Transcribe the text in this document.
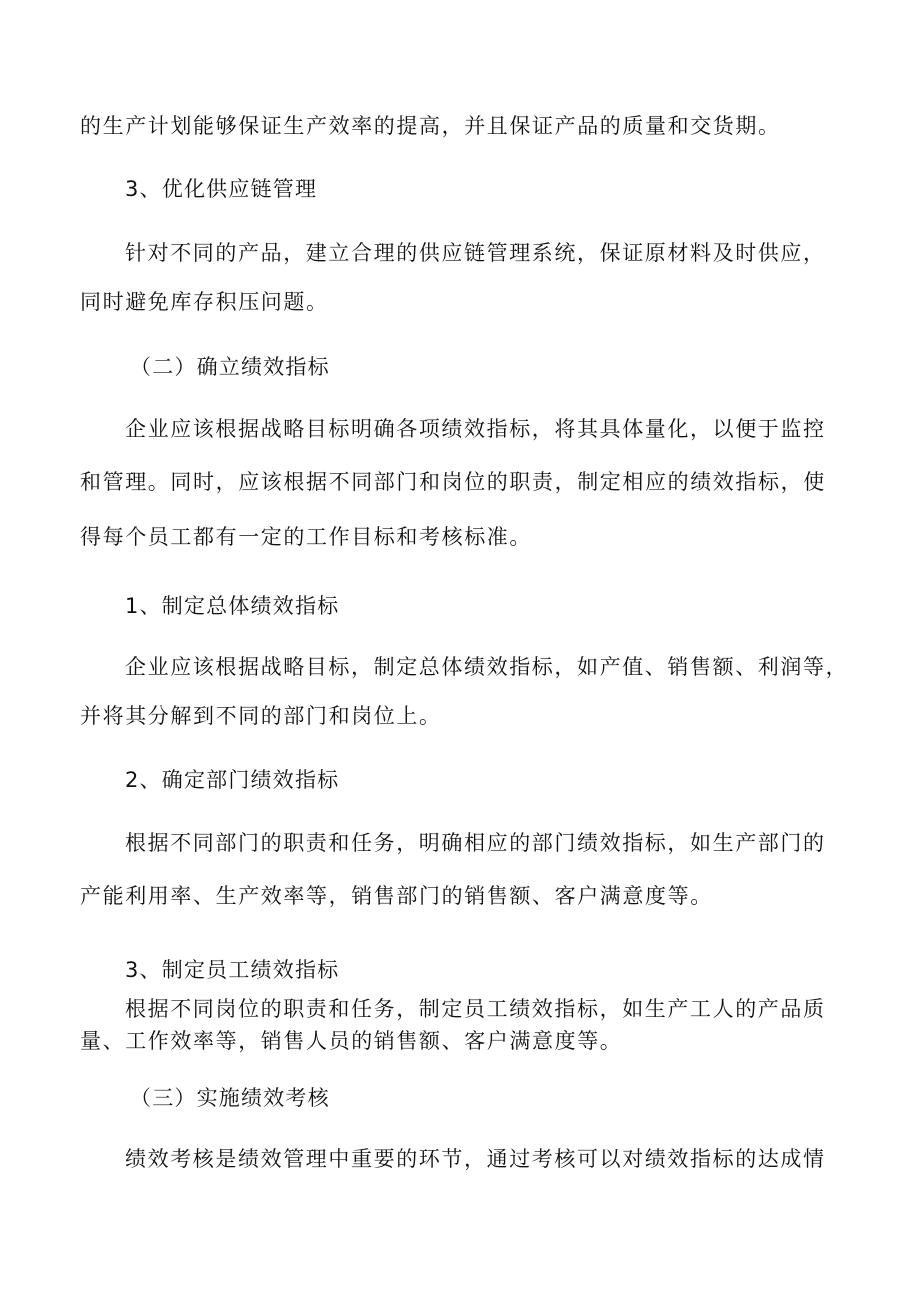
的生产计划能够保证生产效率的提高，并且保证产品的质量和交货期。
3、优化供应链管理
针对不同的产品，建立合理的供应链管理系统，保证原材料及时供应，
同时避免库存积压问题。
（二）确立绩效指标
企业应该根据战略目标明确各项绩效指标，将其具体量化，以便于监控
和管理。同时，应该根据不同部门和岗位的职责，制定相应的绩效指标，使
得每个员工都有一定的工作目标和考核标准。
1、制定总体绩效指标
企业应该根据战略目标，制定总体绩效指标，如产值、销售额、利润等，
并将其分解到不同的部门和岗位上。
2、确定部门绩效指标
根据不同部门的职责和任务，明确相应的部门绩效指标，如生产部门的
产能利用率、生产效率等，销售部门的销售额、客户满意度等。
3、制定员工绩效指标
根据不同岗位的职责和任务，制定员工绩效指标，如生产工人的产品质
量、工作效率等，销售人员的销售额、客户满意度等。
（三）实施绩效考核
绩效考核是绩效管理中重要的环节，通过考核可以对绩效指标的达成情
